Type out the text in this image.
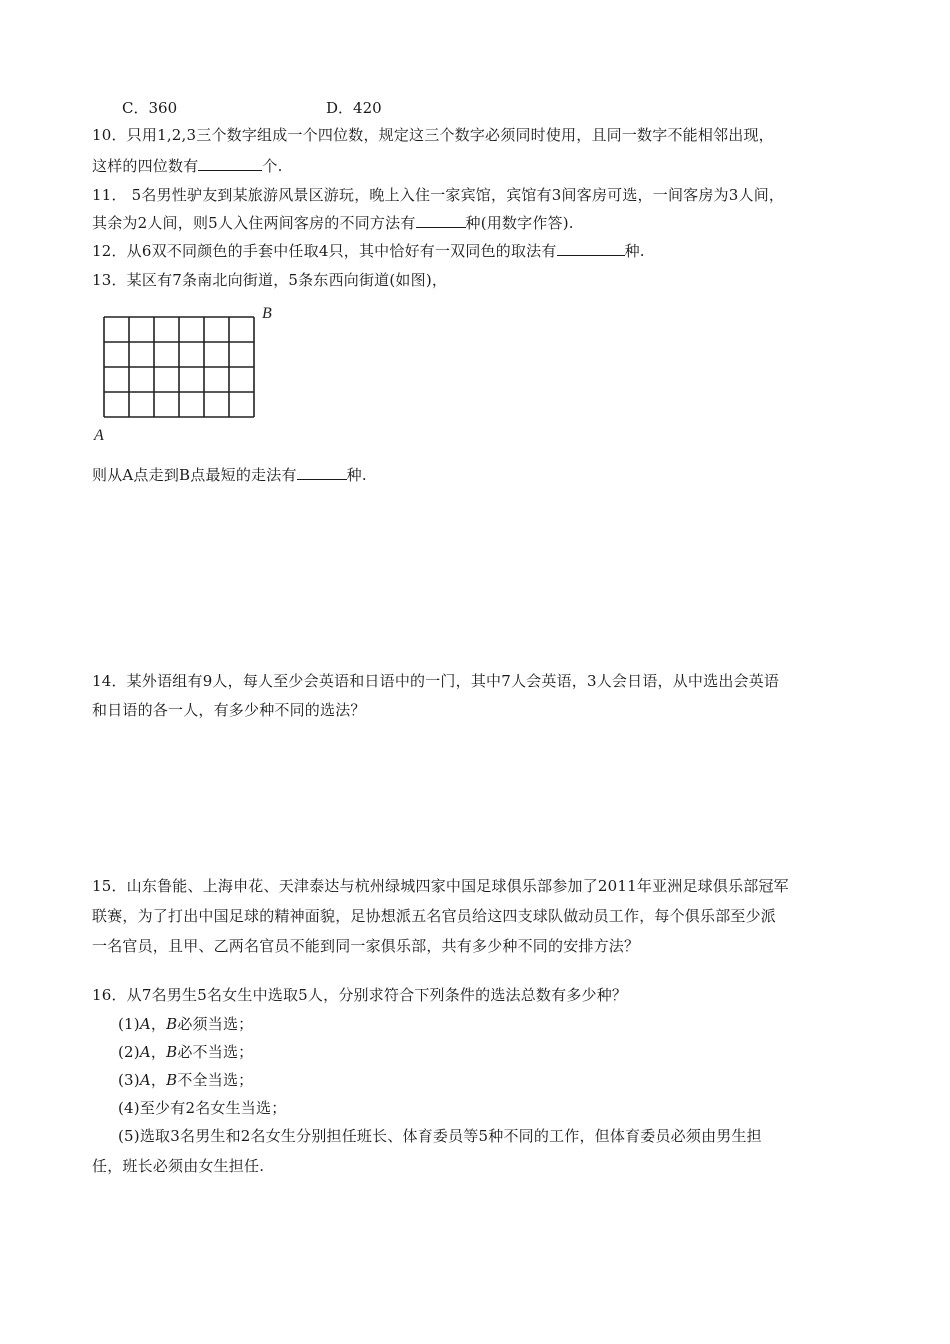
C．360	D．420
10．只用1,2,3三个数字组成一个四位数，规定这三个数字必须同时使用，且同一数字不能相邻出现，
这样的四位数有	个.
11． 5名男性驴友到某旅游风景区游玩，晚上入住一家宾馆，宾馆有3间客房可选，一间客房为3人间，
其余为2人间，则5人入住两间客房的不同方法有	种(用数字作答).
12．从6双不同颜色的手套中任取4只，其中恰好有一双同色的取法有	种.
13．某区有7条南北向街道，5条东西向街道(如图)，
B
A
则从A点走到B点最短的走法有	种.
14．某外语组有9人，每人至少会英语和日语中的一门，其中7人会英语，3人会日语，从中选出会英语
和日语的各一人，有多少种不同的选法？
15．山东鲁能、上海申花、天津泰达与杭州绿城四家中国足球俱乐部参加了2011年亚洲足球俱乐部冠军
联赛，为了打出中国足球的精神面貌，足协想派五名官员给这四支球队做动员工作，每个俱乐部至少派
一名官员，且甲、乙两名官员不能到同一家俱乐部，共有多少种不同的安排方法？
16．从7名男生5名女生中选取5人，分别求符合下列条件的选法总数有多少种？
(1)A，B必须当选；
(2)A，B必不当选；
(3)A，B不全当选；
(4)至少有2名女生当选；
(5)选取3名男生和2名女生分别担任班长、体育委员等5种不同的工作，但体育委员必须由男生担
任，班长必须由女生担任.
